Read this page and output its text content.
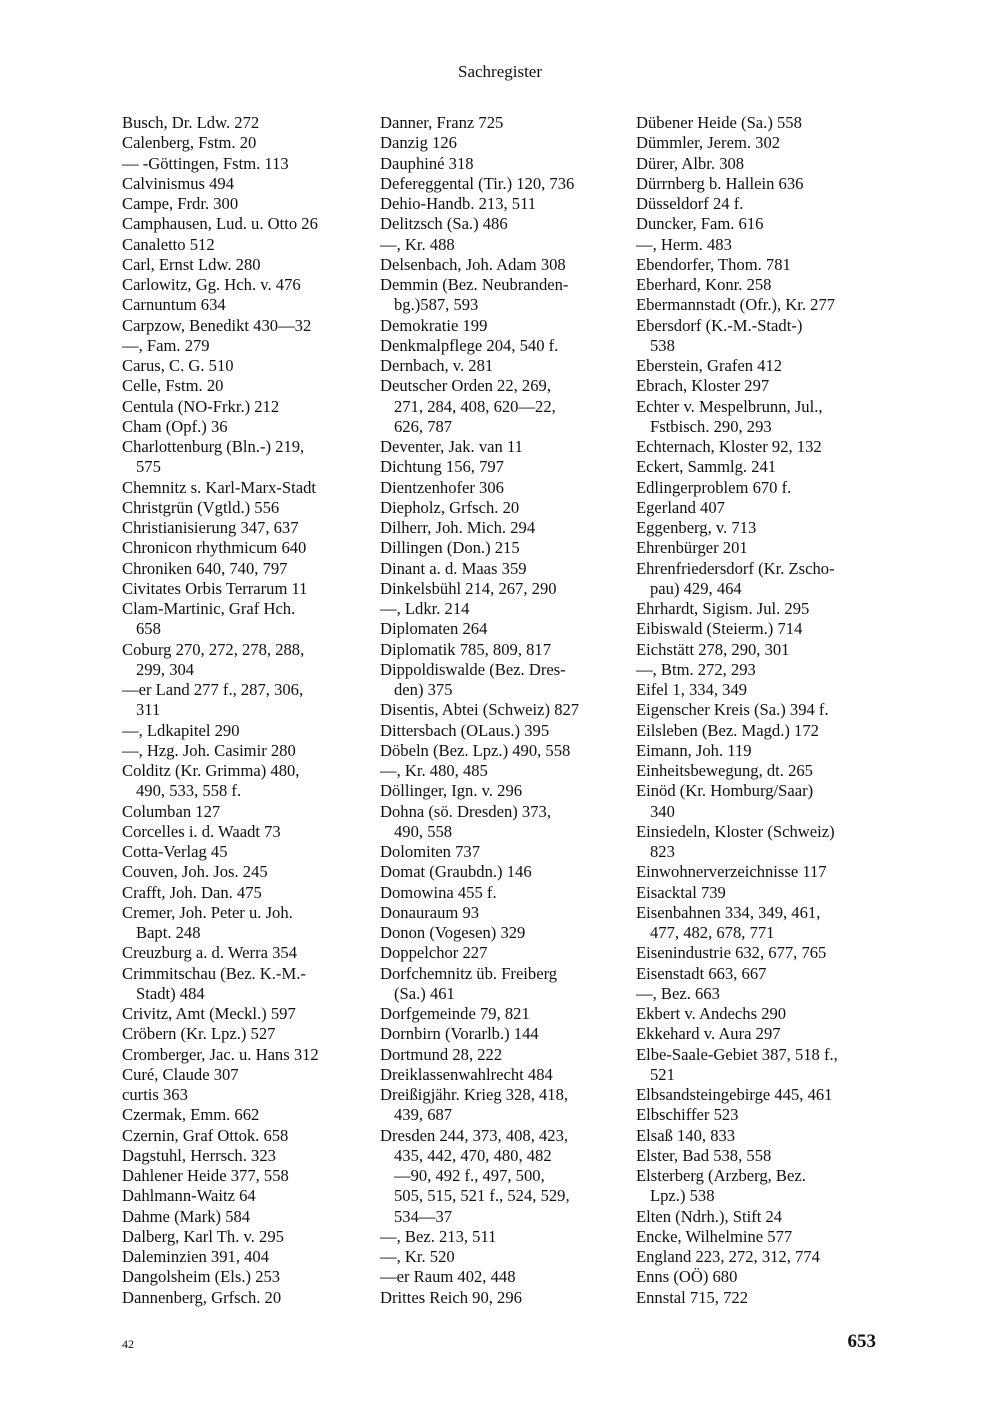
Sachregister
Busch, Dr. Ldw. 272
Calenberg, Fstm. 20
— -Göttingen, Fstm. 113
Calvinismus 494
Campe, Frdr. 300
Camphausen, Lud. u. Otto 26
Canaletto 512
Carl, Ernst Ldw. 280
Carlowitz, Gg. Hch. v. 476
Carnuntum 634
Carpzow, Benedikt 430—32
—, Fam. 279
Carus, C. G. 510
Celle, Fstm. 20
Centula (NO-Frkr.) 212
Cham (Opf.) 36
Charlottenburg (Bln.-) 219,
575
Chemnitz s. Karl-Marx-Stadt
Christgrün (Vgtld.) 556
Christianisierung 347, 637
Chronicon rhythmicum 640
Chroniken 640, 740, 797
Civitates Orbis Terrarum 11
Clam-Martinic, Graf Hch.
658
Coburg 270, 272, 278, 288,
299, 304
—er Land 277 f., 287, 306,
311
—, Ldkapitel 290
—, Hzg. Joh. Casimir 280
Colditz (Kr. Grimma) 480,
490, 533, 558 f.
Columban 127
Corcelles i. d. Waadt 73
Cotta-Verlag 45
Couven, Joh. Jos. 245
Crafft, Joh. Dan. 475
Cremer, Joh. Peter u. Joh.
Bapt. 248
Creuzburg a. d. Werra 354
Crimmitschau (Bez. K.-M.-
Stadt) 484
Crivitz, Amt (Meckl.) 597
Cröbern (Kr. Lpz.) 527
Cromberger, Jac. u. Hans 312
Curé, Claude 307
curtis 363
Czermak, Emm. 662
Czernin, Graf Ottok. 658
Dagstuhl, Herrsch. 323
Dahlener Heide 377, 558
Dahlmann-Waitz 64
Dahme (Mark) 584
Dalberg, Karl Th. v. 295
Daleminzien 391, 404
Dangolsheim (Els.) 253
Dannenberg, Grfsch. 20
Danner, Franz 725
Danzig 126
Dauphiné 318
Defereggental (Tir.) 120, 736
Dehio-Handb. 213, 511
Delitzsch (Sa.) 486
—, Kr. 488
Delsenbach, Joh. Adam 308
Demmin (Bez. Neubranden-
bg.)587, 593
Demokratie 199
Denkmalpflege 204, 540 f.
Dernbach, v. 281
Deutscher Orden 22, 269,
271, 284, 408, 620—22,
626, 787
Deventer, Jak. van 11
Dichtung 156, 797
Dientzenhofer 306
Diepholz, Grfsch. 20
Dilherr, Joh. Mich. 294
Dillingen (Don.) 215
Dinant a. d. Maas 359
Dinkelsbühl 214, 267, 290
—, Ldkr. 214
Diplomaten 264
Diplomatik 785, 809, 817
Dippoldiswalde (Bez. Dres-
den) 375
Disentis, Abtei (Schweiz) 827
Dittersbach (OLaus.) 395
Döbeln (Bez. Lpz.) 490, 558
—, Kr. 480, 485
Döllinger, Ign. v. 296
Dohna (sö. Dresden) 373,
490, 558
Dolomiten 737
Domat (Graubdn.) 146
Domowina 455 f.
Donauraum 93
Donon (Vogesen) 329
Doppelchor 227
Dorfchemnitz üb. Freiberg
(Sa.) 461
Dorfgemeinde 79, 821
Dornbirn (Vorarlb.) 144
Dortmund 28, 222
Dreiklassenwahlrecht 484
Dreißigjähr. Krieg 328, 418,
439, 687
Dresden 244, 373, 408, 423,
435, 442, 470, 480, 482
—90, 492 f., 497, 500,
505, 515, 521 f., 524, 529,
534—37
—, Bez. 213, 511
—, Kr. 520
—er Raum 402, 448
Drittes Reich 90, 296
Dübener Heide (Sa.) 558
Dümmler, Jerem. 302
Dürer, Albr. 308
Dürrnberg b. Hallein 636
Düsseldorf 24 f.
Duncker, Fam. 616
—, Herm. 483
Ebendorfer, Thom. 781
Eberhard, Konr. 258
Ebermannstadt (Ofr.), Kr. 277
Ebersdorf (K.-M.-Stadt-)
538
Eberstein, Grafen 412
Ebrach, Kloster 297
Echter v. Mespelbrunn, Jul.,
Fstbisch. 290, 293
Echternach, Kloster 92, 132
Eckert, Sammlg. 241
Edlingerproblem 670 f.
Egerland 407
Eggenberg, v. 713
Ehrenbürger 201
Ehrenfriedersdorf (Kr. Zscho-
pau) 429, 464
Ehrhardt, Sigism. Jul. 295
Eibiswald (Steierm.) 714
Eichstätt 278, 290, 301
—, Btm. 272, 293
Eifel 1, 334, 349
Eigenscher Kreis (Sa.) 394 f.
Eilsleben (Bez. Magd.) 172
Eimann, Joh. 119
Einheitsbewegung, dt. 265
Einöd (Kr. Homburg/Saar)
340
Einsiedeln, Kloster (Schweiz)
823
Einwohnerverzeichnisse 117
Eisacktal 739
Eisenbahnen 334, 349, 461,
477, 482, 678, 771
Eisenindustrie 632, 677, 765
Eisenstadt 663, 667
—, Bez. 663
Ekbert v. Andechs 290
Ekkehard v. Aura 297
Elbe-Saale-Gebiet 387, 518 f.,
521
Elbsandsteingebirge 445, 461
Elbschiffer 523
Elsaß 140, 833
Elster, Bad 538, 558
Elsterberg (Arzberg, Bez.
Lpz.) 538
Elten (Ndrh.), Stift 24
Encke, Wilhelmine 577
England 223, 272, 312, 774
Enns (OÖ) 680
Ennstal 715, 722
42	653
